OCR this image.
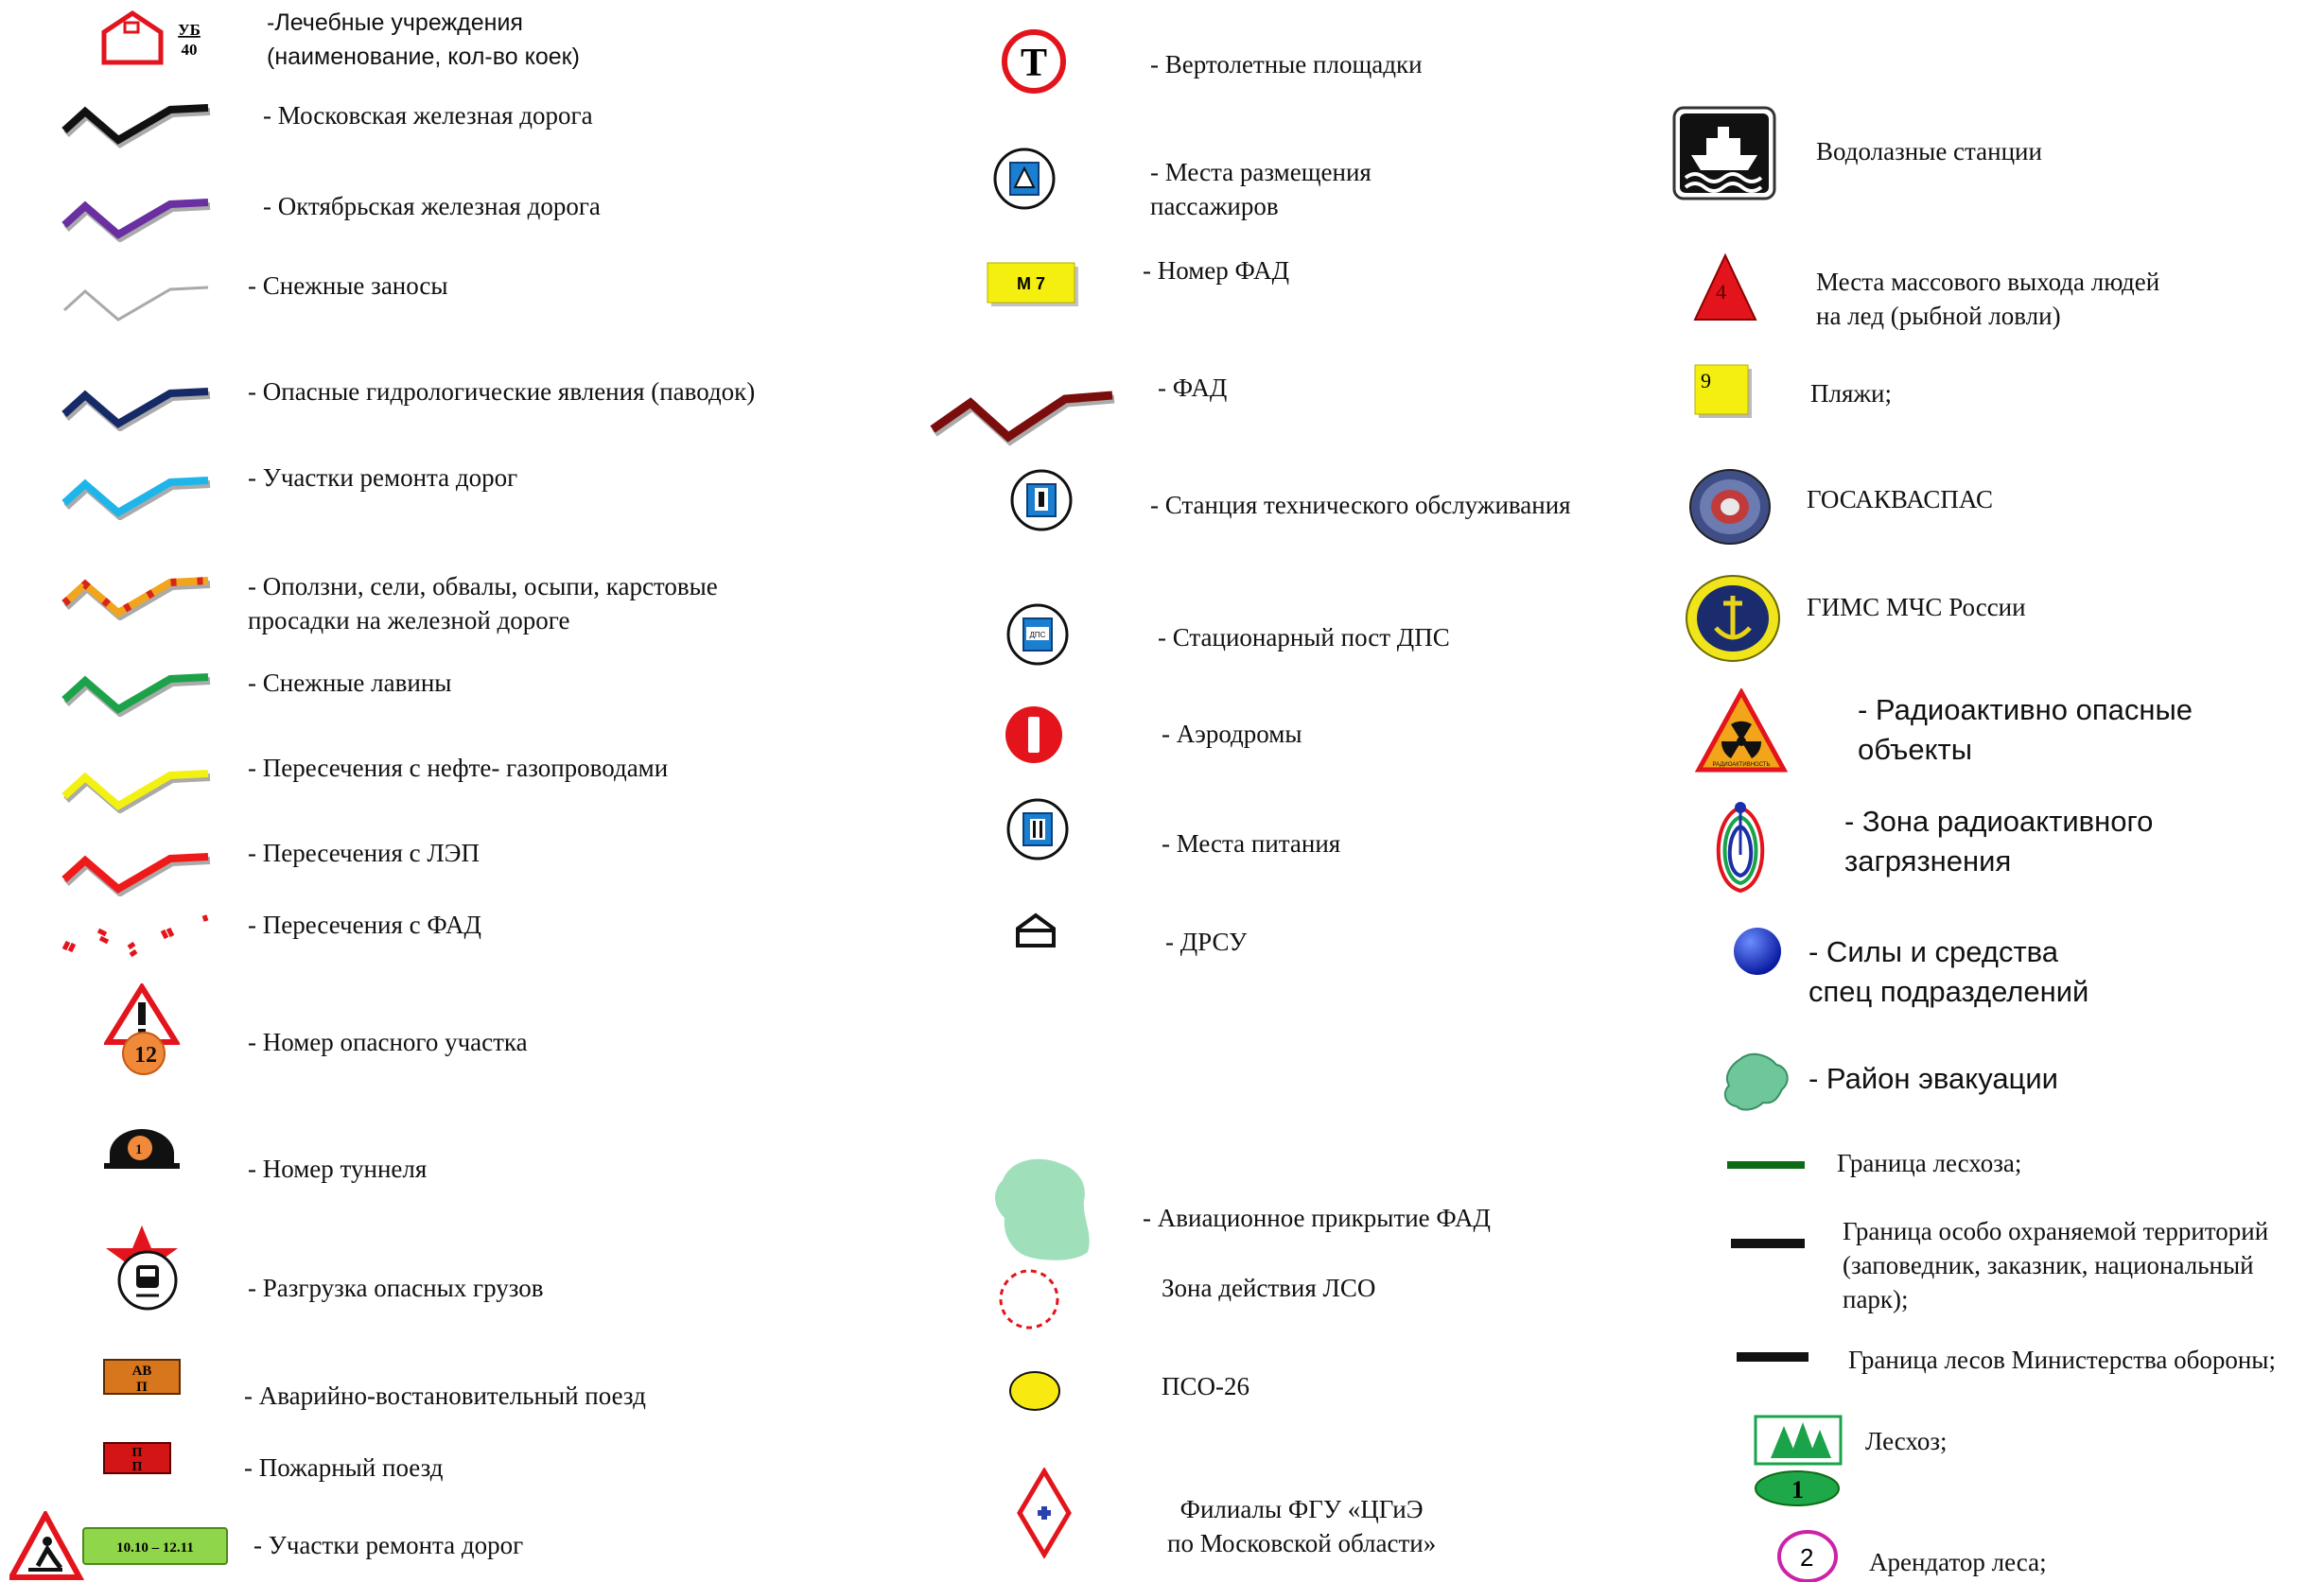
УБ
40
-Лечебные учреждения
(наименование, кол-во коек)
- Московская железная дорога
- Октябрьская железная дорога
- Снежные заносы
- Опасные гидрологические явления (паводок)
- Участки ремонта дорог
- Оползни, сели, обвалы, осыпи, карстовые
просадки на железной дороге
- Снежные лавины
- Пересечения с нефте- газопроводами
- Пересечения с ЛЭП
- Пересечения с ФАД
12	- Номер опасного участка
1
- Номер туннеля
- Разгрузка опасных грузов
АВ
П	- Аварийно-востановительный поезд
П
П	- Пожарный поезд
10.10 – 12.11 - Участки ремонта дорог
Т	- Вертолетные площадки
- Места размещения
пассажиров
М 7	- Номер ФАД
- ФАД
- Станция технического обслуживания
ДПС	- Стационарный пост ДПС
- Аэродромы
- Места питания
- ДРСУ
- Авиационное прикрытие ФАД
Зона действия ЛСО
ПСО-26
Филиалы ФГУ «ЦГиЭ
по Московской области»
Водолазные станции
4	Места массового выхода людей
на лед (рыбной ловли)
9	Пляжи;
ГОСАКВАСПАС
ГИМС МЧС России
РАДИОАКТИВНОСТЬ
- Радиоактивно опасные
объекты
- Зона радиоактивного
загрязнения
- Силы и средства
спец подразделений
- Район эвакуации
Граница лесхоза;
Граница особо охраняемой территорий
(заповедник, заказник, национальный парк);
Граница лесов Министерства обороны;
1
Лесхоз;
2 Арендатор леса;
